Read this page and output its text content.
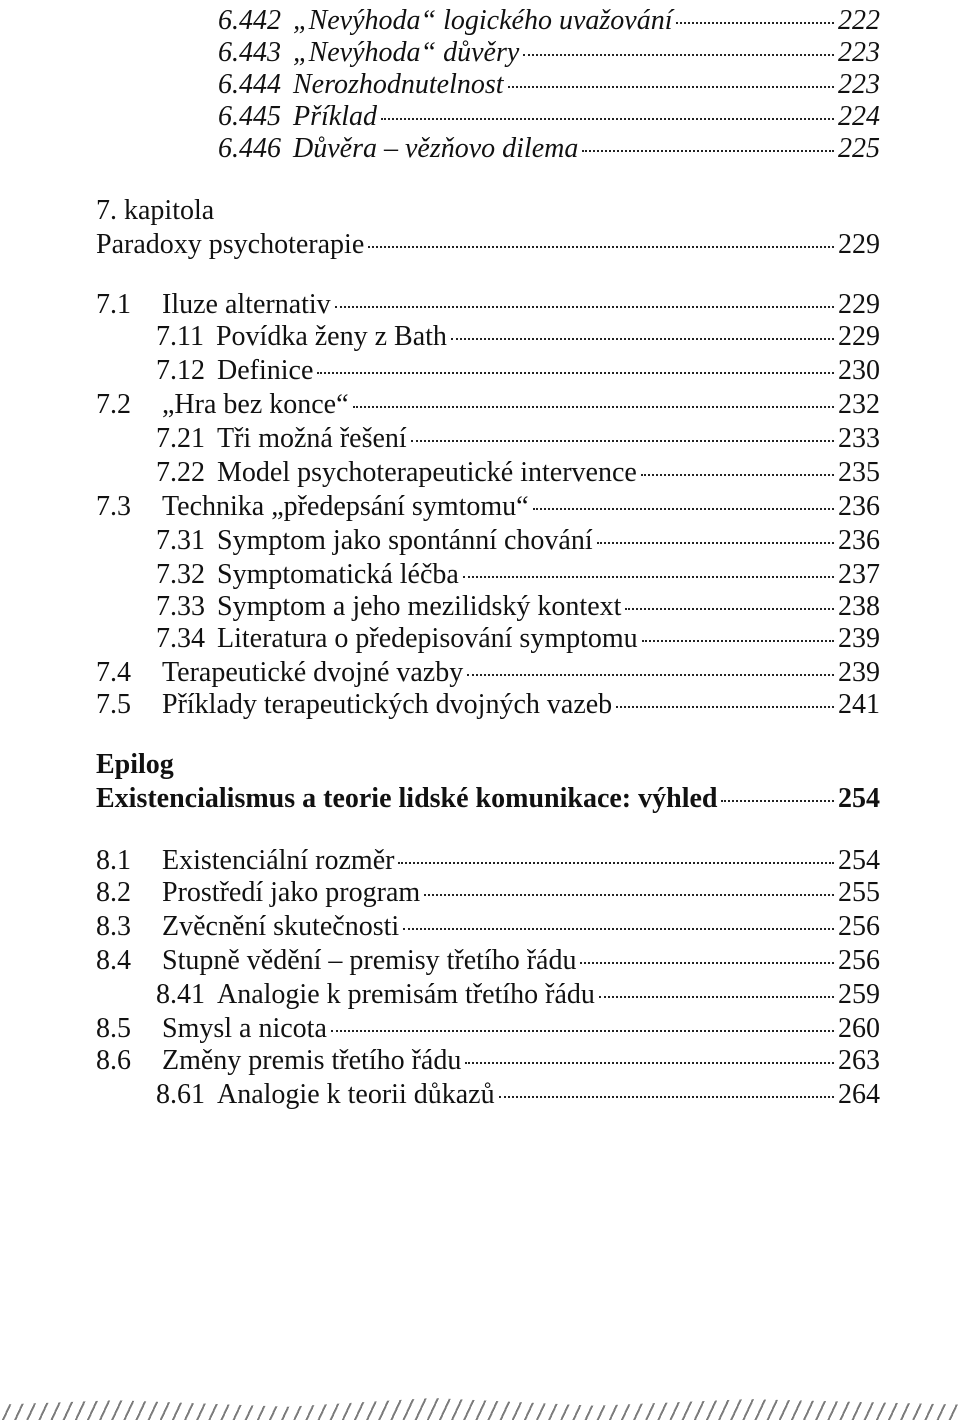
6.442 „Nevýhoda“ logického uvažování	222
6.443 „Nevýhoda“ důvěry	223
6.444 Nerozhodnutelnost	223
6.445 Příklad	224
6.446 Důvěra – vězňovo dilema	225
7. kapitola
Paradoxy psychoterapie	229
7.1	Iluze alternativ	229
7.11 Povídka ženy z Bath	229
7.12 Definice	230
7.2	„Hra bez konce“	232
7.21 Tři možná řešení	233
7.22 Model psychoterapeutické intervence	235
7.3	Technika „předepsání symtomu“	236
7.31 Symptom jako spontánní chování	236
7.32 Symptomatická léčba	237
7.33 Symptom a jeho mezilidský kontext	238
7.34 Literatura o předepisování symptomu	239
7.4	Terapeutické dvojné vazby	239
7.5	Příklady terapeutických dvojných vazeb	241
Epilog
Existencialismus a teorie lidské komunikace: výhled	254
8.1	Existenciální rozměr	254
8.2	Prostředí jako program	255
8.3	Zvěcnění skutečnosti	256
8.4	Stupně vědění – premisy třetího řádu	256
8.41 Analogie k premisám třetího řádu	259
8.5	Smysl a nicota	260
8.6	Změny premis třetího řádu	263
8.61 Analogie k teorii důkazů	264
